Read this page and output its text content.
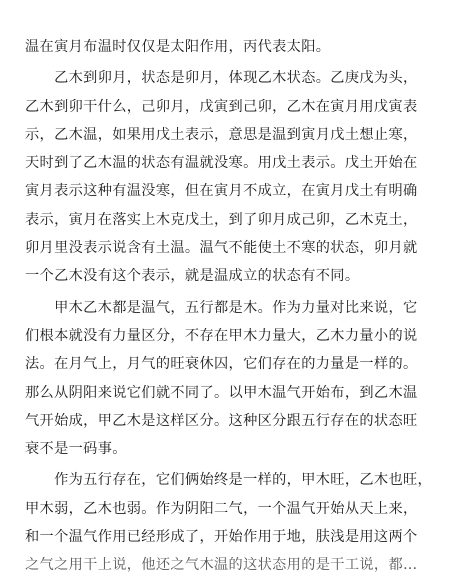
温在寅月布温时仅仅是太阳作用，丙代表太阳。
　　乙木到卯月，状态是卯月，体现乙木状态。乙庚戊为头，
乙木到卯干什么，己卯月，戊寅到己卯，乙木在寅月用戊寅表
示，乙木温，如果用戊土表示，意思是温到寅月戊土想止寒，
天时到了乙木温的状态有温就没寒。用戊土表示。戊土开始在
寅月表示这种有温没寒，但在寅月不成立，在寅月戊土有明确
表示，寅月在落实上木克戊土，到了卯月成己卯，乙木克土，
卯月里没表示说含有土温。温气不能使土不寒的状态，卯月就
一个乙木没有这个表示，就是温成立的状态有不同。
　　甲木乙木都是温气，五行都是木。作为力量对比来说，它
们根本就没有力量区分，不存在甲木力量大，乙木力量小的说
法。在月气上，月气的旺衰休囚，它们存在的力量是一样的。
那么从阴阳来说它们就不同了。以甲木温气开始布，到乙木温
气开始成，甲乙木是这样区分。这种区分跟五行存在的状态旺
衰不是一码事。
　　作为五行存在，它们俩始终是一样的，甲木旺，乙木也旺，
甲木弱，乙木也弱。作为阴阳二气，一个温气开始从天上来，
和一个温气作用已经形成了，开始作用于地，肤浅是用这两个
之气之用干上说，他还之气木温的这状态用的是干工说，都…
